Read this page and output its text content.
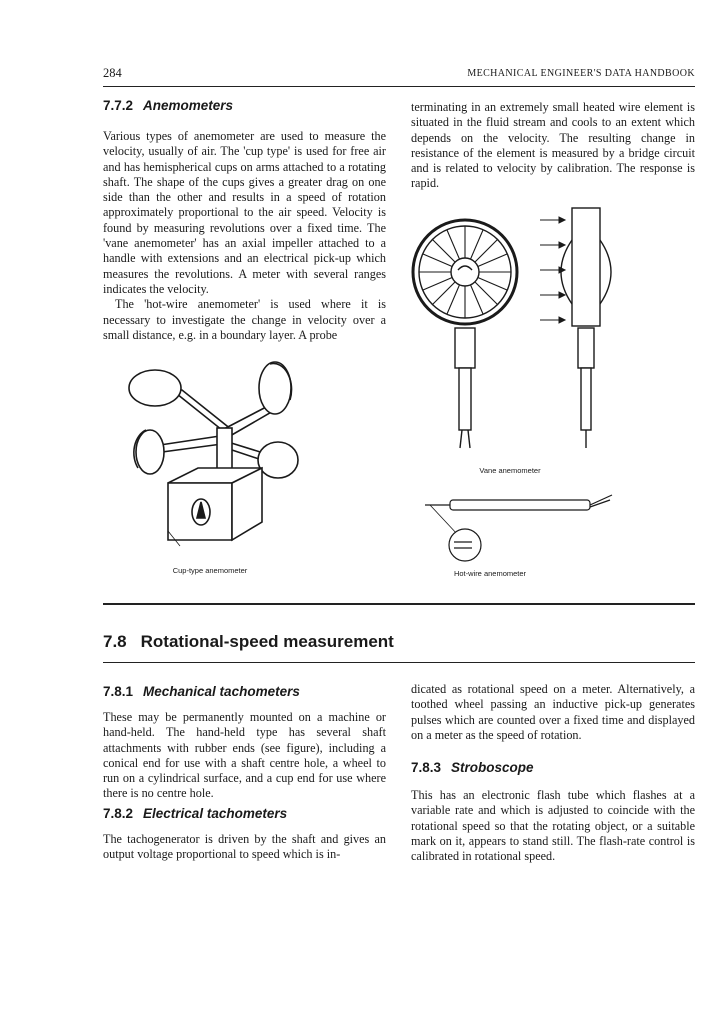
284	MECHANICAL ENGINEER'S DATA HANDBOOK
7.7.2 Anemometers

Various types of anemometer are used to measure the velocity, usually of air. The 'cup type' is used for free air and has hemispherical cups on arms attached to a rotating shaft. The shape of the cups gives a greater drag on one side than the other and results in a speed of rotation approximately proportional to the air speed. Velocity is found by measuring revolutions over a fixed time. The 'vane anemometer' has an axial impeller attached to a handle with extensions and an electrical pick-up which measures the revolutions. A meter with several ranges indicates the velocity.

The 'hot-wire anemometer' is used where it is necessary to investigate the change in velocity over a small distance, e.g. in a boundary layer. A probe

terminating in an extremely small heated wire element is situated in the fluid stream and cools to an extent which depends on the velocity. The resulting change in resistance of the element is measured by a bridge circuit and is related to velocity by calibration. The response is rapid.

Cup-type anemometer
Vane anemometer
Hot-wire anemometer
7.8 Rotational-speed measurement
7.8.1 Mechanical tachometers

These may be permanently mounted on a machine or hand-held. The hand-held type has several shaft attachments with rubber ends (see figure), including a conical end for use with a shaft centre hole, a wheel to run on a cylindrical surface, and a cup end for use where there is no centre hole.

7.8.2 Electrical tachometers

The tachogenerator is driven by the shaft and gives an output voltage proportional to speed which is in-

dicated as rotational speed on a meter. Alternatively, a toothed wheel passing an inductive pick-up generates pulses which are counted over a fixed time and displayed on a meter as the speed of rotation.

7.8.3 Stroboscope

This has an electronic flash tube which flashes at a variable rate and which is adjusted to coincide with the rotational speed so that the rotating object, or a suitable mark on it, appears to stand still. The flash-rate control is calibrated in rotational speed.
